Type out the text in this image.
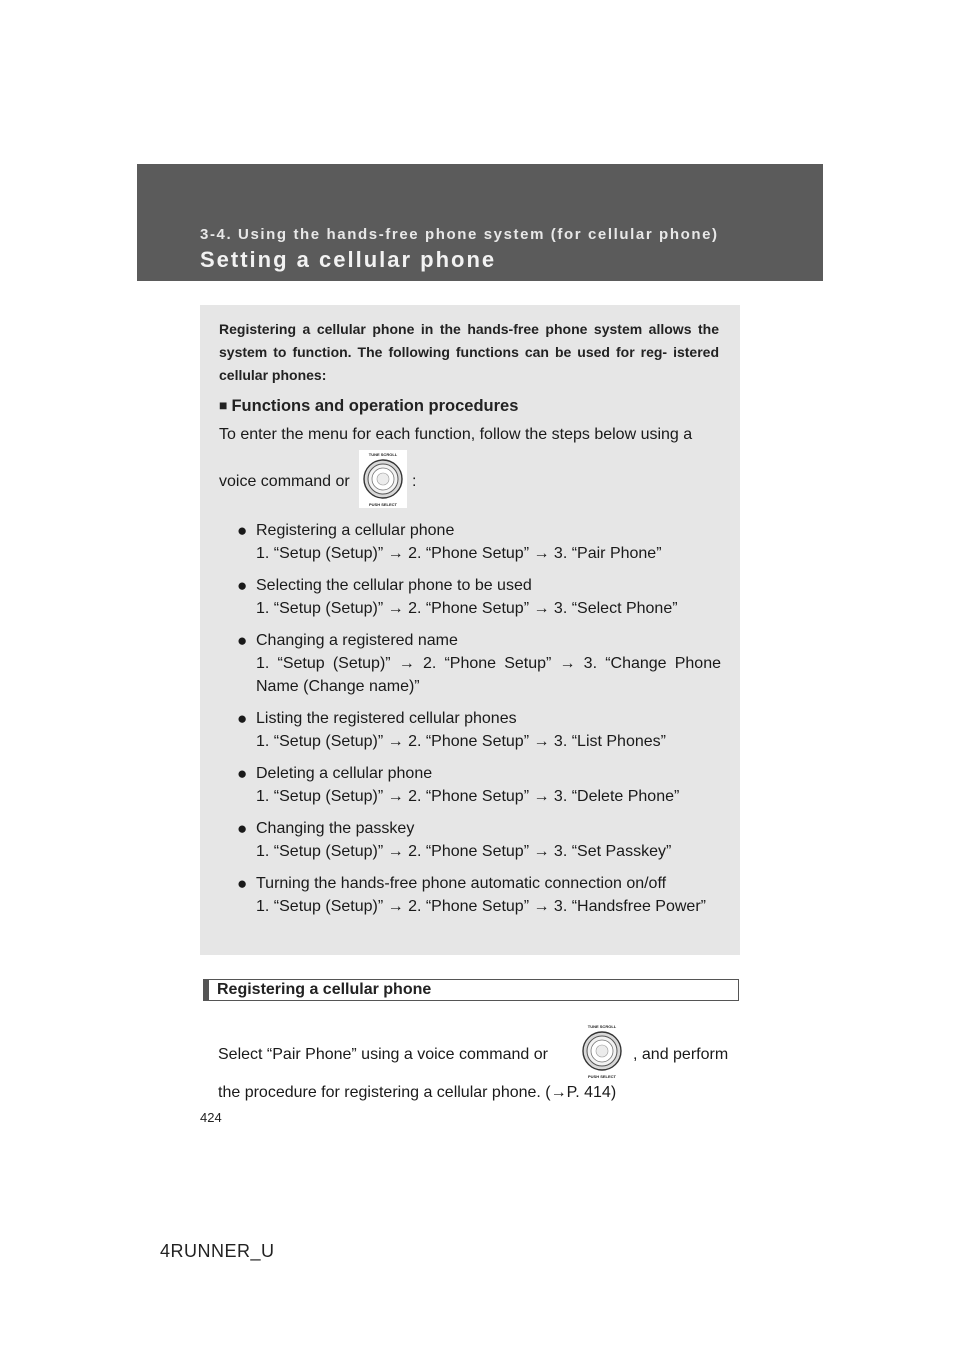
3-4. Using the hands-free phone system (for cellular phone)
Setting a cellular phone
Registering a cellular phone in the hands-free phone system allows the system to function. The following functions can be used for reg- istered cellular phones:
■ Functions and operation procedures
To enter the menu for each function, follow the steps below using a
voice command or
TUNE SCROLL
PUSH SELECT
:
● Registering a cellular phone
1. “Setup (Setup)” → 2. “Phone Setup” → 3. “Pair Phone”
● Selecting the cellular phone to be used
1. “Setup (Setup)” → 2. “Phone Setup” → 3. “Select Phone”
● Changing a registered name
1. “Setup (Setup)” → 2. “Phone Setup” → 3. “Change Phone Name (Change name)”
● Listing the registered cellular phones
1. “Setup (Setup)” → 2. “Phone Setup” → 3. “List Phones”
● Deleting a cellular phone
1. “Setup (Setup)” → 2. “Phone Setup” → 3. “Delete Phone”
● Changing the passkey
1. “Setup (Setup)” → 2. “Phone Setup” → 3. “Set Passkey”
● Turning the hands-free phone automatic connection on/off
1. “Setup (Setup)” → 2. “Phone Setup” → 3. “Handsfree Power”
Registering a cellular phone
Select “Pair Phone” using a voice command or
TUNE SCROLL
PUSH SELECT
, and perform
the procedure for registering a cellular phone. (→P. 414)
424
4RUNNER_U
